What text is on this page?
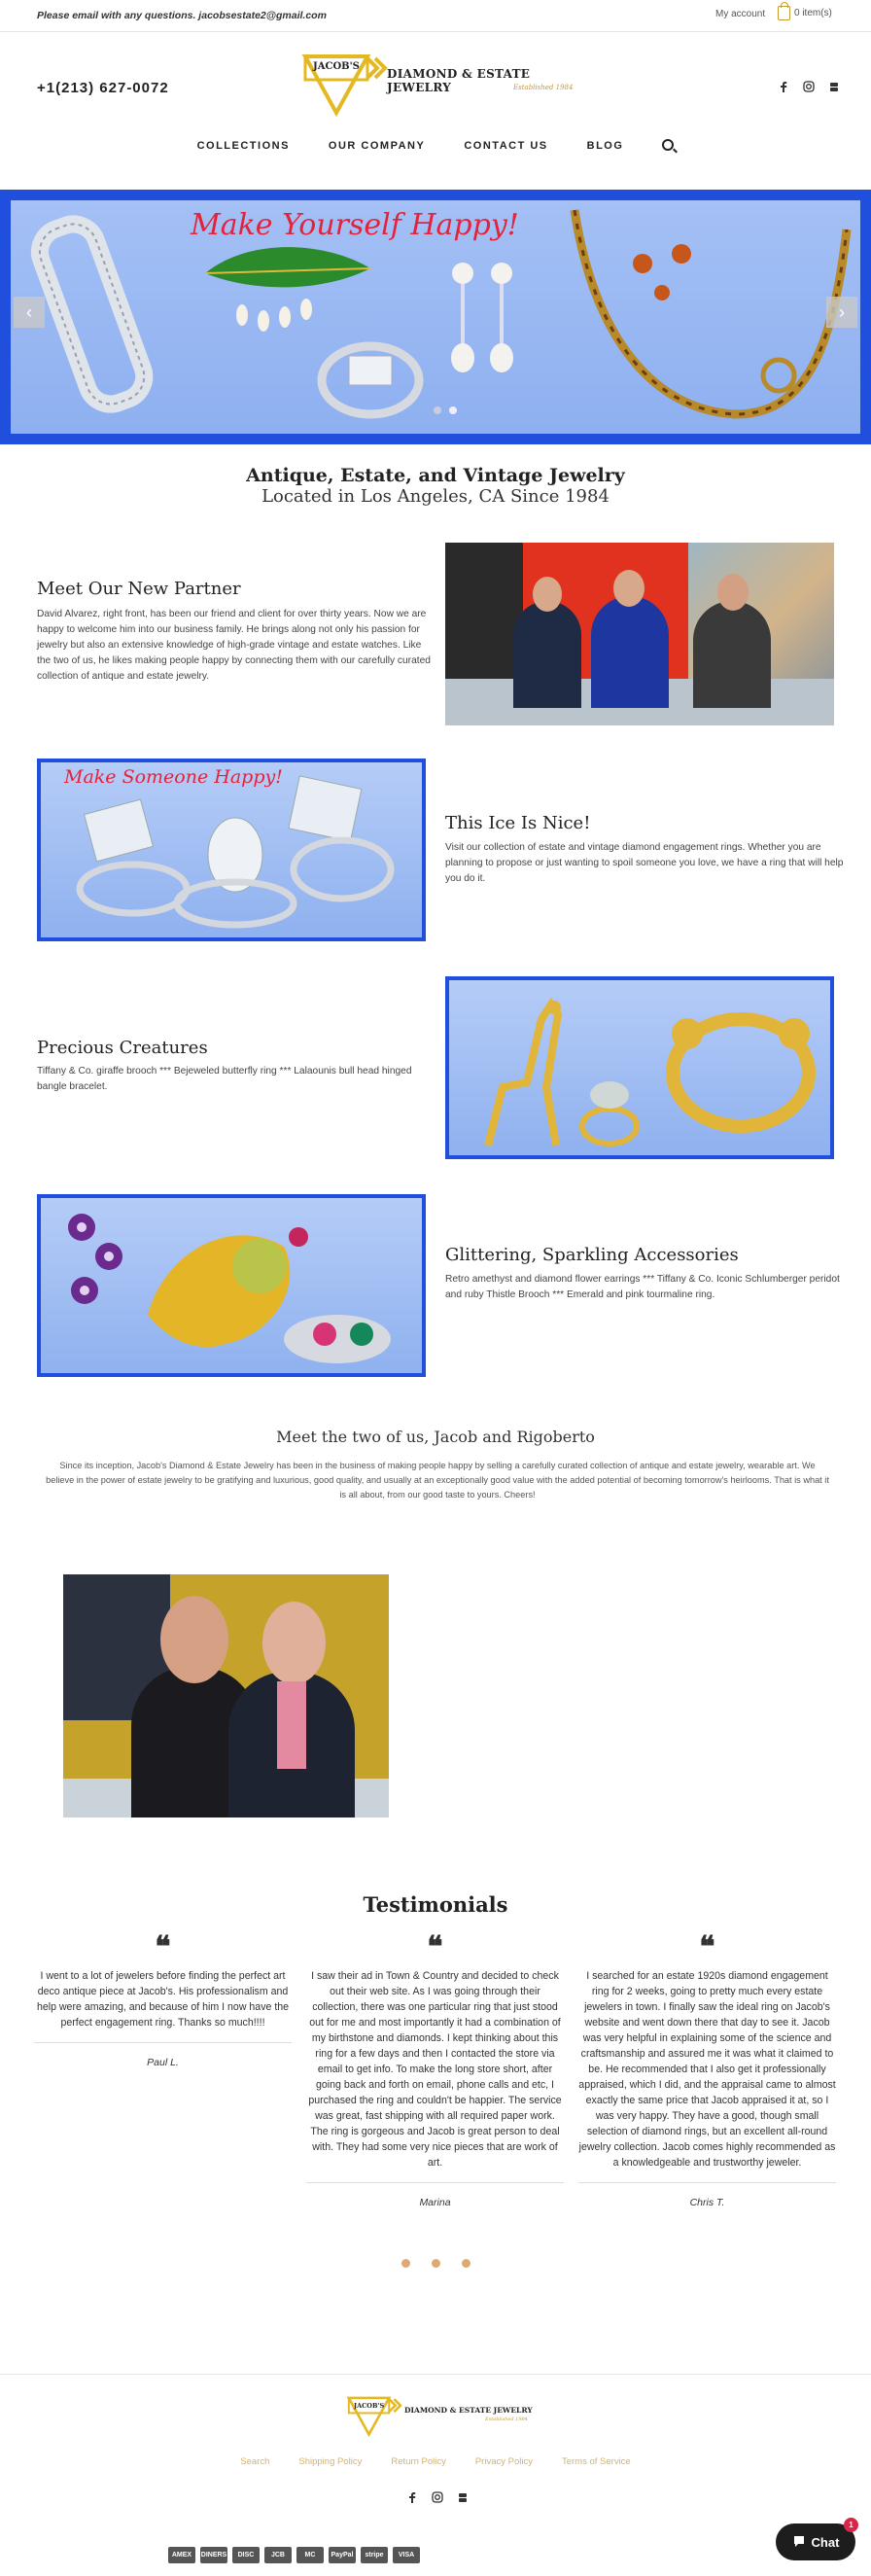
Please email with any questions. jacobsestate2@gmail.com	My account	0 item(s)
+1(213) 627-0072
JACOB'S
DIAMOND & ESTATE JEWELRY	Established 1984
COLLECTIONS	OUR COMPANY	CONTACT US	BLOG
Make Yourself Happy!
‹	›
Antique, Estate, and Vintage Jewelry
Located in Los Angeles, CA Since 1984
Meet Our New Partner
David Alvarez, right front, has been our friend and client for over thirty years. Now we are happy to welcome him into our business family. He brings along not only his passion for jewelry but also an extensive knowledge of high-grade vintage and estate watches. Like the two of us, he likes making people happy by connecting them with our carefully curated collection of antique and estate jewelry.
Make Someone Happy!
This Ice Is Nice!
Visit our collection of estate and vintage diamond engagement rings. Whether you are planning to propose or just wanting to spoil someone you love, we have a ring that will help you do it.
Precious Creatures
Tiffany & Co. giraffe brooch *** Bejeweled butterfly ring *** Lalaounis bull head hinged bangle bracelet.
Glittering, Sparkling Accessories
Retro amethyst and diamond flower earrings *** Tiffany & Co. Iconic Schlumberger peridot and ruby Thistle Brooch *** Emerald and pink tourmaline ring.
Meet the two of us, Jacob and Rigoberto
Since its inception, Jacob's Diamond & Estate Jewelry has been in the business of making people happy by selling a carefully curated collection of antique and estate jewelry, wearable art. We believe in the power of estate jewelry to be gratifying and luxurious, good quality, and usually at an exceptionally good value with the added potential of becoming tomorrow's heirlooms. That is what it is all about, from our good taste to yours. Cheers!
Testimonials
❝
I went to a lot of jewelers before finding the perfect art deco antique piece at Jacob's. His professionalism and help were amazing, and because of him I now have the perfect engagement ring. Thanks so much!!!!
Paul L.
❝
I saw their ad in Town & Country and decided to check out their web site. As I was going through their collection, there was one particular ring that just stood out for me and most importantly it had a combination of my birthstone and diamonds. I kept thinking about this ring for a few days and then I contacted the store via email to get info. To make the long store short, after going back and forth on email, phone calls and etc, I purchased the ring and couldn't be happier. The service was great, fast shipping with all required paper work. The ring is gorgeous and Jacob is great person to deal with. They had some very nice pieces that are work of art.
Marina
❝
I searched for an estate 1920s diamond engagement ring for 2 weeks, going to pretty much every estate jewelers in town. I finally saw the ideal ring on Jacob's website and went down there that day to see it. Jacob was very helpful in explaining some of the science and craftsmanship and assured me it was what it claimed to be. He recommended that I also get it professionally appraised, which I did, and the appraisal came to almost exactly the same price that Jacob appraised it at, so I was very happy. They have a good, though small selection of diamond rings, but an excellent all-round jewelry collection. Jacob comes highly recommended as a knowledgeable and trustworthy jeweler.
Chris T.
JACOB'S	DIAMOND & ESTATE JEWELRY
Established 1984
Search	Shipping Policy	Return Policy	Privacy Policy	Terms of Service
AMEX	DINERS	DISC	JCB	MC	PayPal	stripe	VISA
Chat
1
